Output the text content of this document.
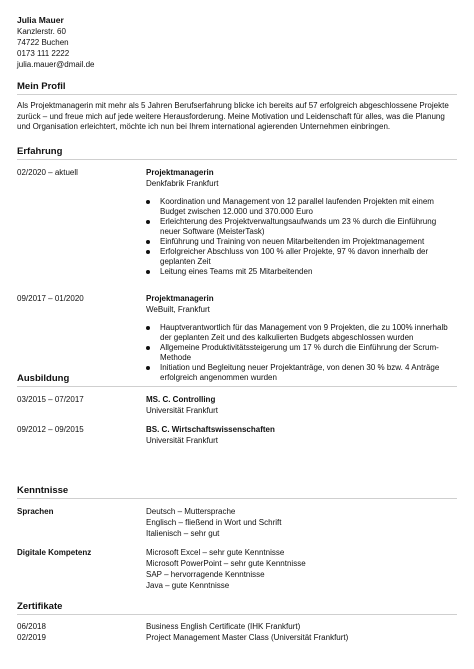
Julia Mauer
Kanzlerstr. 60
74722 Buchen
0173 111 2222
julia.mauer@dmail.de
Mein Profil
Als Projektmanagerin mit mehr als 5 Jahren Berufserfahrung blicke ich bereits auf 57 erfolgreich abgeschlossene Projekte zurück – und freue mich auf jede weitere Herausforderung. Meine Motivation und Leidenschaft für alles, was die Planung und Organisation erleichtert, möchte ich nun bei Ihrem international agierenden Unternehmen einbringen.
Erfahrung
02/2020 – aktuell	Projektmanagerin
Denkfabrik Frankfurt
Koordination und Management von 12 parallel laufenden Projekten mit einem Budget zwischen 12.000 und 370.000 Euro
Erleichterung des Projektverwaltungsaufwands um 23 % durch die Einführung neuer Software (MeisterTask)
Einführung und Training von neuen Mitarbeitenden im Projektmanagement
Erfolgreicher Abschluss von 100 % aller Projekte, 97 % davon innerhalb der geplanten Zeit
Leitung eines Teams mit 25 Mitarbeitenden
09/2017 – 01/2020	Projektmanagerin
WeBuilt, Frankfurt
Hauptverantwortlich für das Management von 9 Projekten, die zu 100% innerhalb der geplanten Zeit und des kalkulierten Budgets abgeschlossen wurden
Allgemeine Produktivitätssteigerung um 17 % durch die Einführung der Scrum-Methode
Initiation und Begleitung neuer Projektanträge, von denen 30 % bzw. 4 Anträge erfolgreich angenommen wurden
Ausbildung
03/2015 – 07/2017	MS. C. Controlling
Universität Frankfurt
09/2012 – 09/2015	BS. C. Wirtschaftswissenschaften
Universität Frankfurt
Kenntnisse
Sprachen	Deutsch – Muttersprache
Englisch – fließend in Wort und Schrift
Italienisch – sehr gut
Digitale Kompetenz	Microsoft Excel – sehr gute Kenntnisse
Microsoft PowerPoint – sehr gute Kenntnisse
SAP – hervorragende Kenntnisse
Java – gute Kenntnisse
Zertifikate
06/2018	Business English Certificate (IHK Frankfurt)
02/2019	Project Management Master Class (Universität Frankfurt)
